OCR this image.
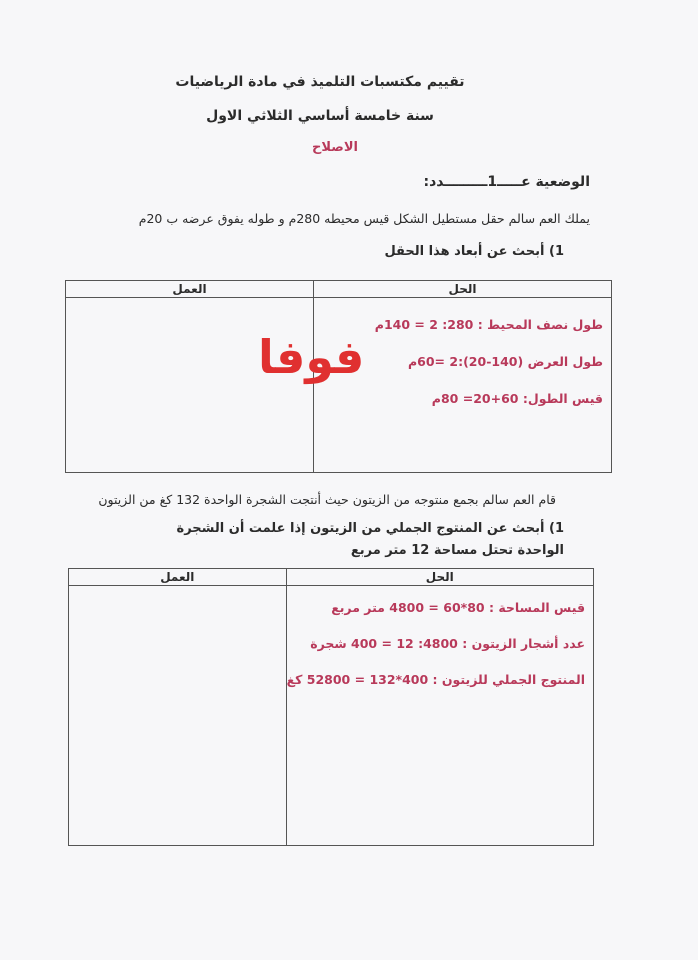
تقييم مكتسبات التلميذ في مادة الرياضيات
سنة خامسة أساسي الثلاثي الاول
الاصلاح
الوضعية عـــــ1ـــــــــدد:
يملك العم سالم حقل مستطيل الشكل قيس محيطه 280م و طوله يفوق عرضه ب 20م
1) أبحث عن أبعاد هذا الحقل
الحل	العمل

طول نصف المحيط : 280: 2 = 140م
طول العرض (140-20):2 =60م
قيس الطول: 60+20= 80م	

فوفا
قام العم سالم بجمع منتوجه من الزيتون حيث أنتجت الشجرة الواحدة 132 كغ من الزيتون
1) أبحث عن المنتوج الجملي من الزيتون إذا علمت أن الشجرة الواحدة تحتل مساحة 12 متر مربع
الحل	العمل

قيس المساحة : 80*60 = 4800 متر مربع
عدد أشجار الزيتون : 4800: 12 = 400 شجرة
المنتوج الجملي للزيتون : 400*132 = 52800 كغ	
